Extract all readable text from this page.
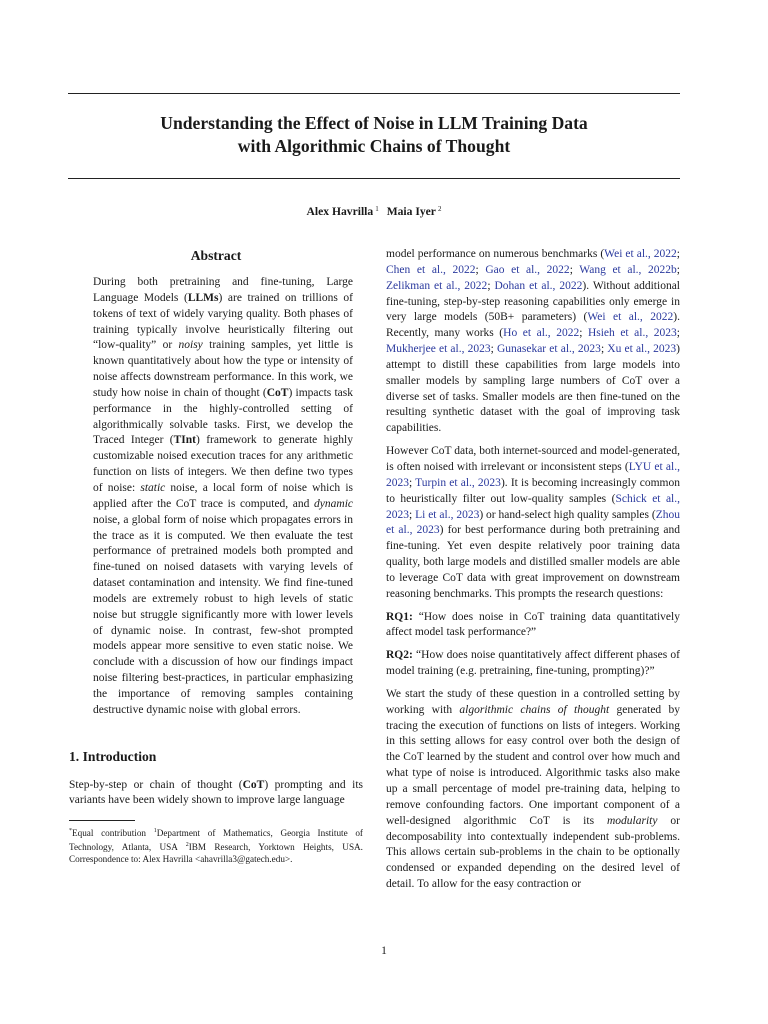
Understanding the Effect of Noise in LLM Training Data
with Algorithmic Chains of Thought
Alex Havrilla $^1$ Maia Iyer $^2$
Abstract

During both pretraining and fine-tuning, Large Language Models (LLMs) are trained on trillions of tokens of text of widely varying quality. Both phases of training typically involve heuristically filtering out “low-quality” or noisy training samples, yet little is known quantitatively about how the type or intensity of noise affects downstream performance. In this work, we study how noise in chain of thought (CoT) impacts task performance in the highly-controlled setting of algorithmically solvable tasks. First, we develop the Traced Integer (TInt) framework to generate highly customizable noised execution traces for any arithmetic function on lists of integers. We then define two types of noise: static noise, a local form of noise which is applied after the CoT trace is computed, and dynamic noise, a global form of noise which propagates errors in the trace as it is computed. We then evaluate the test performance of pretrained models both prompted and fine-tuned on noised datasets with varying levels of dataset contamination and intensity. We find fine-tuned models are extremely robust to high levels of static noise but struggle significantly more with lower levels of dynamic noise. In contrast, few-shot prompted models appear more sensitive to even static noise. We conclude with a discussion of how our findings impact noise filtering best-practices, in particular emphasizing the importance of removing samples containing destructive dynamic noise with global errors.

1. Introduction

Step-by-step or chain of thought (CoT) prompting and its variants have been widely shown to improve large language

*Equal contribution $^1$Department of Mathematics, Georgia Institute of Technology, Atlanta, USA $^2$IBM Research, Yorktown Heights, USA. Correspondence to: Alex Havrilla <ahavrilla3@gatech.edu>.

model performance on numerous benchmarks (Wei et al., 2022; Chen et al., 2022; Gao et al., 2022; Wang et al., 2022b; Zelikman et al., 2022; Dohan et al., 2022). Without additional fine-tuning, step-by-step reasoning capabilities only emerge in very large models (50B+ parameters) (Wei et al., 2022). Recently, many works (Ho et al., 2022; Hsieh et al., 2023; Mukherjee et al., 2023; Gunasekar et al., 2023; Xu et al., 2023) attempt to distill these capabilities from large models into smaller models by sampling large numbers of CoT over a diverse set of tasks. Smaller models are then fine-tuned on the resulting synthetic dataset with the goal of improving task capabilities.

However CoT data, both internet-sourced and model-generated, is often noised with irrelevant or inconsistent steps (LYU et al., 2023; Turpin et al., 2023). It is becoming increasingly common to heuristically filter out low-quality samples (Schick et al., 2023; Li et al., 2023) or hand-select high quality samples (Zhou et al., 2023) for best performance during both pretraining and fine-tuning. Yet even despite relatively poor training data quality, both large models and distilled smaller models are able to leverage CoT data with great improvement on downstream reasoning benchmarks. This prompts the research questions:

RQ1: “How does noise in CoT training data quantitatively affect model task performance?”

RQ2: “How does noise quantitatively affect different phases of model training (e.g. pretraining, fine-tuning, prompting)?”

We start the study of these question in a controlled setting by working with algorithmic chains of thought generated by tracing the execution of functions on lists of integers. Working in this setting allows for easy control over both the design of the CoT learned by the student and control over how much and what type of noise is introduced. Algorithmic tasks also make up a small percentage of model pre-training data, helping to remove confounding factors. One important component of a well-designed algorithmic CoT is its modularity or decomposability into contextually independent sub-problems. This allows certain sub-problems in the chain to be optionally condensed or expanded depending on the desired level of detail. To allow for the easy contraction or

1
